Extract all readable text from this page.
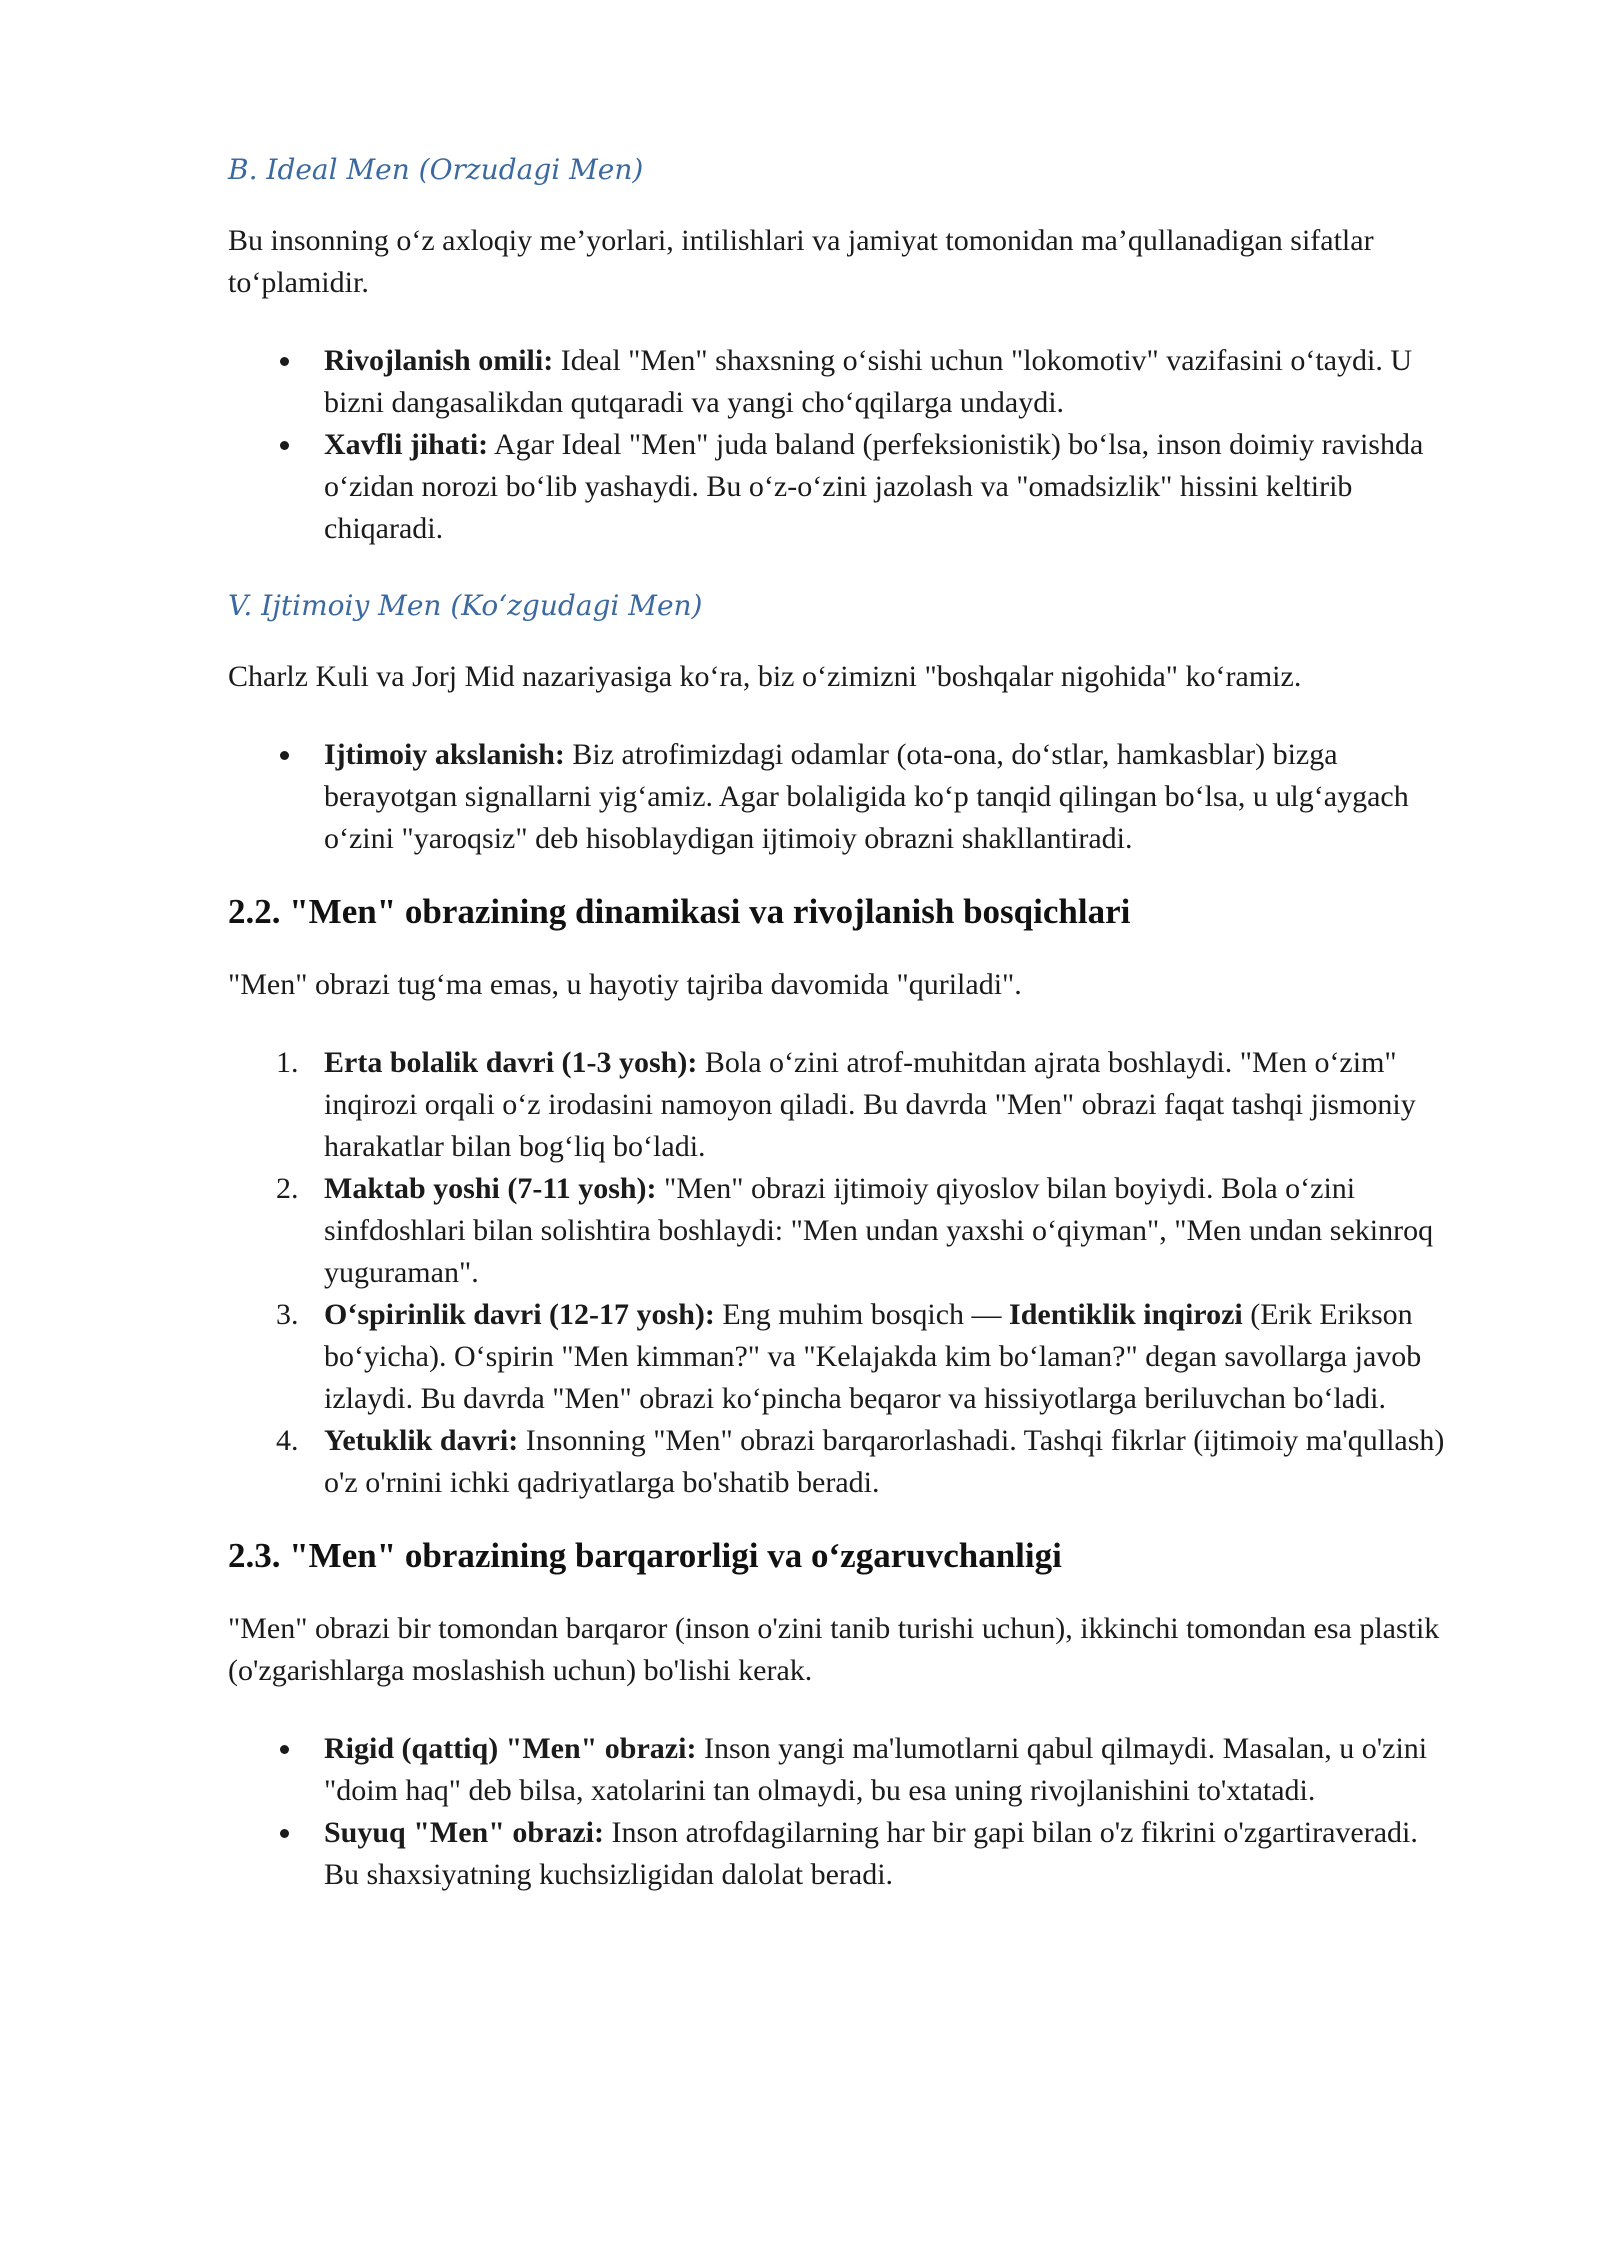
B. Ideal Men (Orzudagi Men)

Bu insonning o‘z axloqiy me’yorlari, intilishlari va jamiyat tomonidan ma’qullanadigan sifatlar to‘plamidir.

Rivojlanish omili: Ideal "Men" shaxsning o‘sishi uchun "lokomotiv" vazifasini o‘taydi. U bizni dangasalikdan qutqaradi va yangi cho‘qqilarga undaydi.
Xavfli jihati: Agar Ideal "Men" juda baland (perfeksionistik) bo‘lsa, inson doimiy ravishda o‘zidan norozi bo‘lib yashaydi. Bu o‘z-o‘zini jazolash va "omadsizlik" hissini keltirib chiqaradi.
V. Ijtimoiy Men (Ko‘zgudagi Men)

Charlz Kuli va Jorj Mid nazariyasiga ko‘ra, biz o‘zimizni "boshqalar nigohida" ko‘ramiz.

Ijtimoiy akslanish: Biz atrofimizdagi odamlar (ota-ona, do‘stlar, hamkasblar) bizga berayotgan signallarni yig‘amiz. Agar bolaligida ko‘p tanqid qilingan bo‘lsa, u ulg‘aygach o‘zini "yaroqsiz" deb hisoblaydigan ijtimoiy obrazni shakllantiradi.
2.2. "Men" obrazining dinamikasi va rivojlanish bosqichlari

"Men" obrazi tug‘ma emas, u hayotiy tajriba davomida "quriladi".

1. Erta bolalik davri (1-3 yosh): Bola o‘zini atrof-muhitdan ajrata boshlaydi. "Men o‘zim" inqirozi orqali o‘z irodasini namoyon qiladi. Bu davrda "Men" obrazi faqat tashqi jismoniy harakatlar bilan bog‘liq bo‘ladi.
2. Maktab yoshi (7-11 yosh): "Men" obrazi ijtimoiy qiyoslov bilan boyiydi. Bola o‘zini sinfdoshlari bilan solishtira boshlaydi: "Men undan yaxshi o‘qiyman", "Men undan sekinroq yuguraman".
3. O‘spirinlik davri (12-17 yosh): Eng muhim bosqich — Identiklik inqirozi (Erik Erikson bo‘yicha). O‘spirin "Men kimman?" va "Kelajakda kim bo‘laman?" degan savollarga javob izlaydi. Bu davrda "Men" obrazi ko‘pincha beqaror va hissiyotlarga beriluvchan bo‘ladi.
4. Yetuklik davri: Insonning "Men" obrazi barqarorlashadi. Tashqi fikrlar (ijtimoiy ma'qullash) o'z o'rnini ichki qadriyatlarga bo'shatib beradi.
2.3. "Men" obrazining barqarorligi va o‘zgaruvchanligi

"Men" obrazi bir tomondan barqaror (inson o'zini tanib turishi uchun), ikkinchi tomondan esa plastik (o'zgarishlarga moslashish uchun) bo'lishi kerak.

Rigid (qattiq) "Men" obrazi: Inson yangi ma'lumotlarni qabul qilmaydi. Masalan, u o'zini "doim haq" deb bilsa, xatolarini tan olmaydi, bu esa uning rivojlanishini to'xtatadi.
Suyuq "Men" obrazi: Inson atrofdagilarning har bir gapi bilan o'z fikrini o'zgartiraveradi. Bu shaxsiyatning kuchsizligidan dalolat beradi.
